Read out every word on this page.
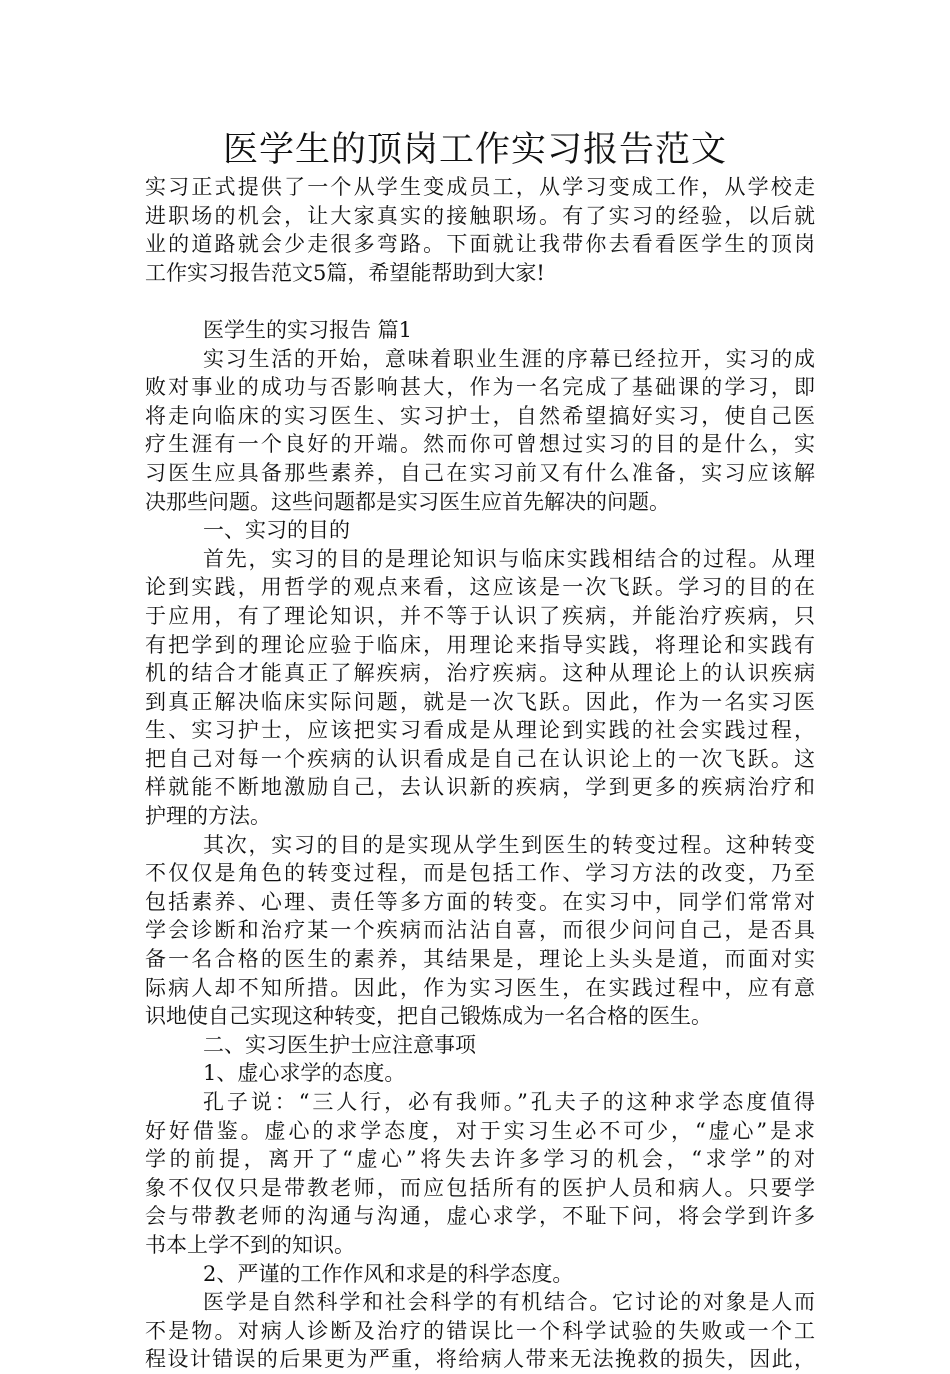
医学生的顶岗工作实习报告范文
实习正式提供了一个从学生变成员工，从学习变成工作，从学校走
进职场的机会，让大家真实的接触职场。有了实习的经验，以后就
业的道路就会少走很多弯路。下面就让我带你去看看医学生的顶岗
工作实习报告范文5篇，希望能帮助到大家!
医学生的实习报告 篇1
实习生活的开始，意味着职业生涯的序幕已经拉开，实习的成
败对事业的成功与否影响甚大，作为一名完成了基础课的学习，即
将走向临床的实习医生、实习护士，自然希望搞好实习，使自己医
疗生涯有一个良好的开端。然而你可曾想过实习的目的是什么，实
习医生应具备那些素养，自己在实习前又有什么准备，实习应该解
决那些问题。这些问题都是实习医生应首先解决的问题。
一、实习的目的
首先，实习的目的是理论知识与临床实践相结合的过程。从理
论到实践，用哲学的观点来看，这应该是一次飞跃。学习的目的在
于应用，有了理论知识，并不等于认识了疾病，并能治疗疾病，只
有把学到的理论应验于临床，用理论来指导实践，将理论和实践有
机的结合才能真正了解疾病，治疗疾病。这种从理论上的认识疾病
到真正解决临床实际问题，就是一次飞跃。因此，作为一名实习医
生、实习护士，应该把实习看成是从理论到实践的社会实践过程，
把自己对每一个疾病的认识看成是自己在认识论上的一次飞跃。这
样就能不断地激励自己，去认识新的疾病，学到更多的疾病治疗和
护理的方法。
其次，实习的目的是实现从学生到医生的转变过程。这种转变
不仅仅是角色的转变过程，而是包括工作、学习方法的改变，乃至
包括素养、心理、责任等多方面的转变。在实习中，同学们常常对
学会诊断和治疗某一个疾病而沾沾自喜，而很少问问自己，是否具
备一名合格的医生的素养，其结果是，理论上头头是道，而面对实
际病人却不知所措。因此，作为实习医生，在实践过程中，应有意
识地使自己实现这种转变，把自己锻炼成为一名合格的医生。
二、实习医生护士应注意事项
1、虚心求学的态度。
孔子说：“三人行，必有我师。”孔夫子的这种求学态度值得
好好借鉴。虚心的求学态度，对于实习生必不可少，“虚心”是求
学的前提，离开了“虚心”将失去许多学习的机会，“求学”的对
象不仅仅只是带教老师，而应包括所有的医护人员和病人。只要学
会与带教老师的沟通与沟通，虚心求学，不耻下问，将会学到许多
书本上学不到的知识。
2、严谨的工作作风和求是的科学态度。
医学是自然科学和社会科学的有机结合。它讨论的对象是人而
不是物。对病人诊断及治疗的错误比一个科学试验的失败或一个工
程设计错误的后果更为严重，将给病人带来无法挽救的损失，因此，
